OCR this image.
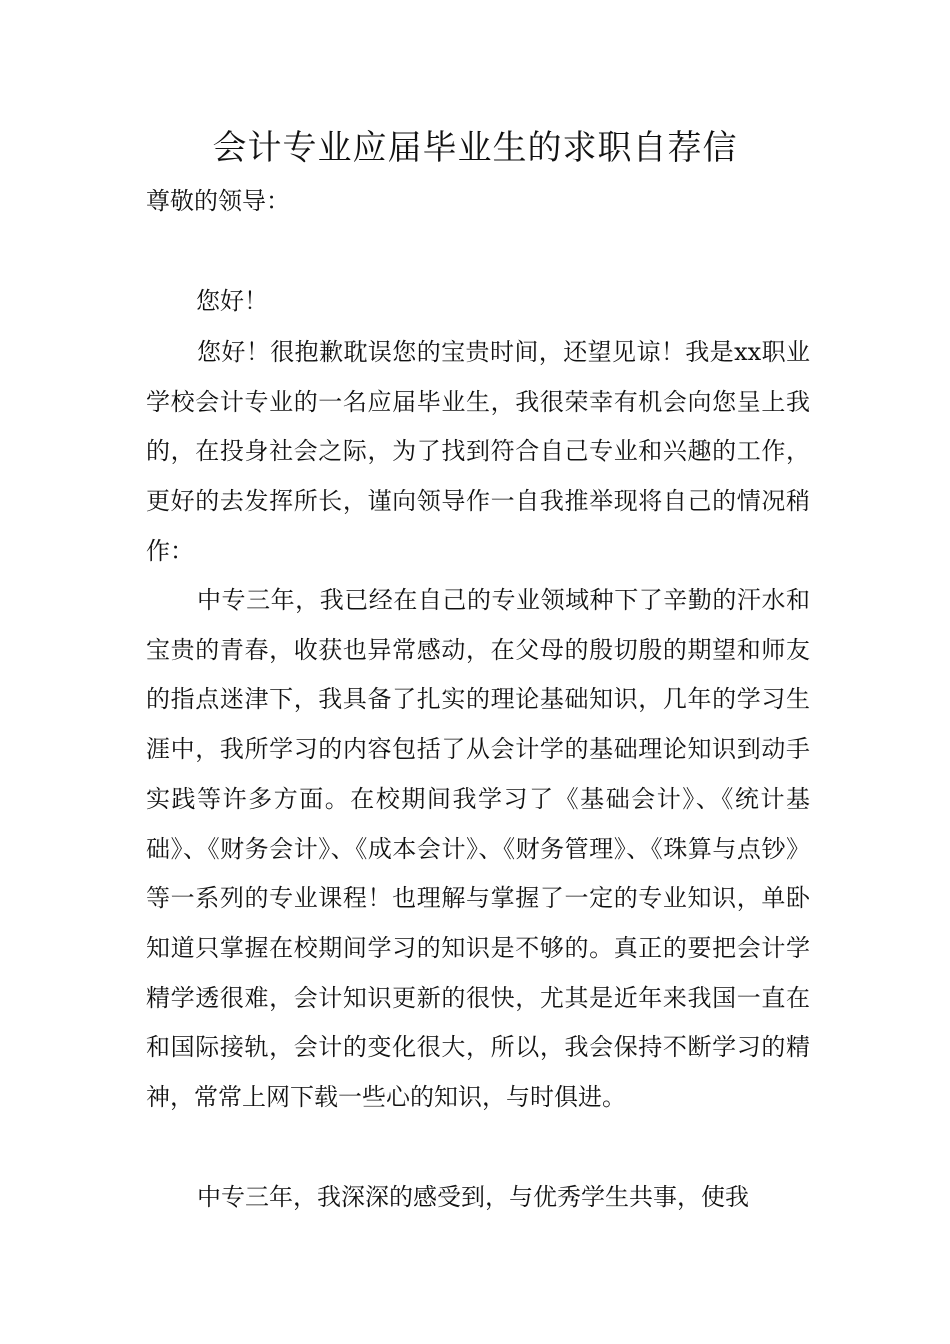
会计专业应届毕业生的求职自荐信

尊敬的领导：

您好！

您好！很抱歉耽误您的宝贵时间，还望见谅！我是xx职业学校会计专业的一名应届毕业生，我很荣幸有机会向您呈上我的，在投身社会之际，为了找到符合自己专业和兴趣的工作，更好的去发挥所长，谨向领导作一自我推举现将自己的情况稍作：

中专三年，我已经在自己的专业领域种下了辛勤的汗水和宝贵的青春，收获也异常感动，在父母的殷切殷的期望和师友的指点迷津下，我具备了扎实的理论基础知识，几年的学习生涯中，我所学习的内容包括了从会计学的基础理论知识到动手实践等许多方面。在校期间我学习了《基础会计》、《统计基础》、《财务会计》、《成本会计》、《财务管理》、《珠算与点钞》等一系列的专业课程！也理解与掌握了一定的专业知识，单卧知道只掌握在校期间学习的知识是不够的。真正的要把会计学精学透很难，会计知识更新的很快，尤其是近年来我国一直在和国际接轨，会计的变化很大，所以，我会保持不断学习的精神，常常上网下载一些心的知识，与时俱进。

中专三年，我深深的感受到，与优秀学生共事，使我
